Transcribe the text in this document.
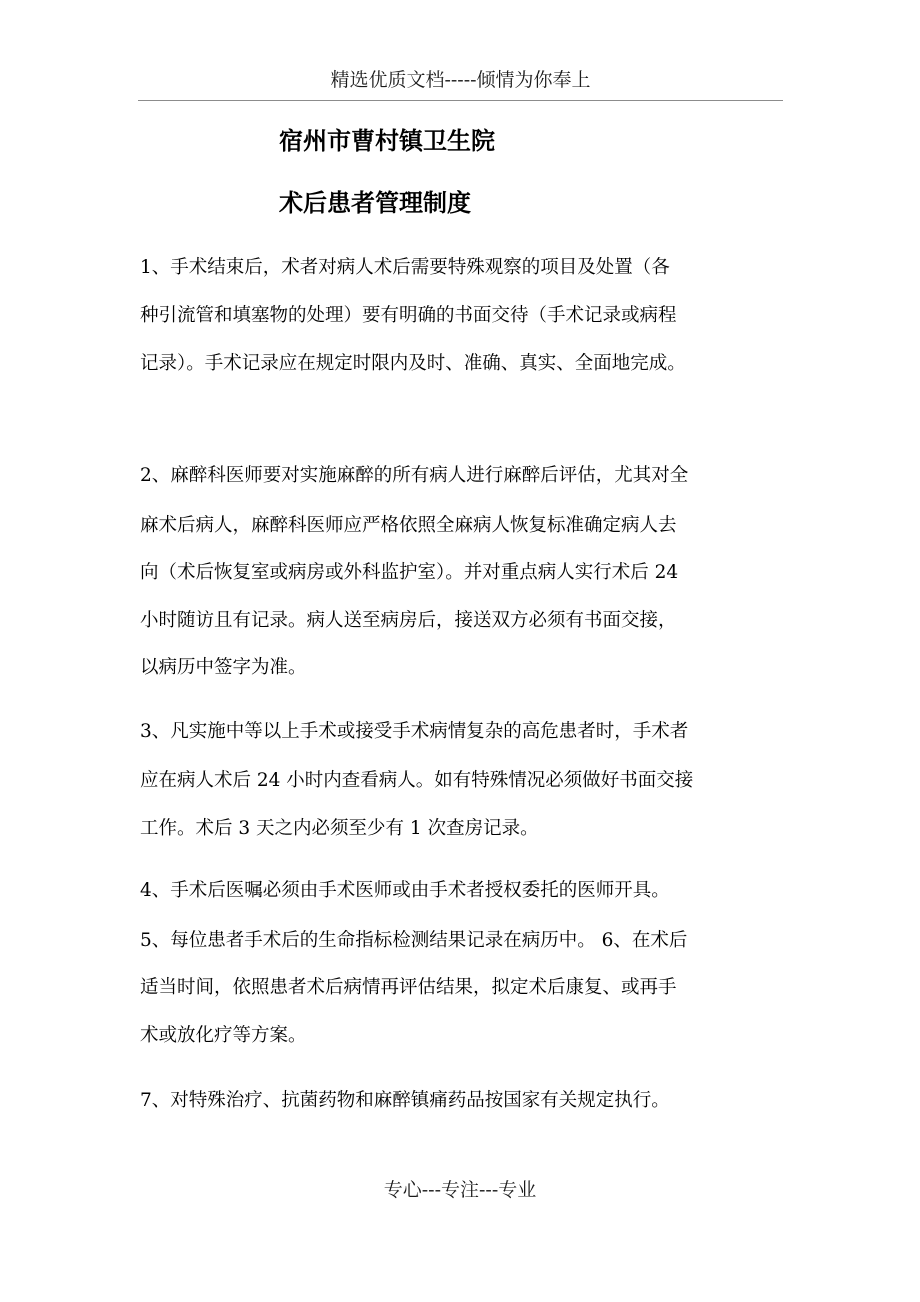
精选优质文档-----倾情为你奉上
宿州市曹村镇卫生院
术后患者管理制度
1、手术结束后，术者对病人术后需要特殊观察的项目及处置（各
种引流管和填塞物的处理）要有明确的书面交待（手术记录或病程
记录）。手术记录应在规定时限内及时、准确、真实、全面地完成。
2、麻醉科医师要对实施麻醉的所有病人进行麻醉后评估，尤其对全
麻术后病人，麻醉科医师应严格依照全麻病人恢复标准确定病人去
向（术后恢复室或病房或外科监护室）。并对重点病人实行术后 24
小时随访且有记录。病人送至病房后，接送双方必须有书面交接，
以病历中签字为准。
3、凡实施中等以上手术或接受手术病情复杂的高危患者时，手术者
应在病人术后 24 小时内查看病人。如有特殊情况必须做好书面交接
工作。术后 3 天之内必须至少有 1 次查房记录。
4、手术后医嘱必须由手术医师或由手术者授权委托的医师开具。
5、每位患者手术后的生命指标检测结果记录在病历中。 6、在术后
适当时间，依照患者术后病情再评估结果，拟定术后康复、或再手
术或放化疗等方案。
7、对特殊治疗、抗菌药物和麻醉镇痛药品按国家有关规定执行。
专心---专注---专业
